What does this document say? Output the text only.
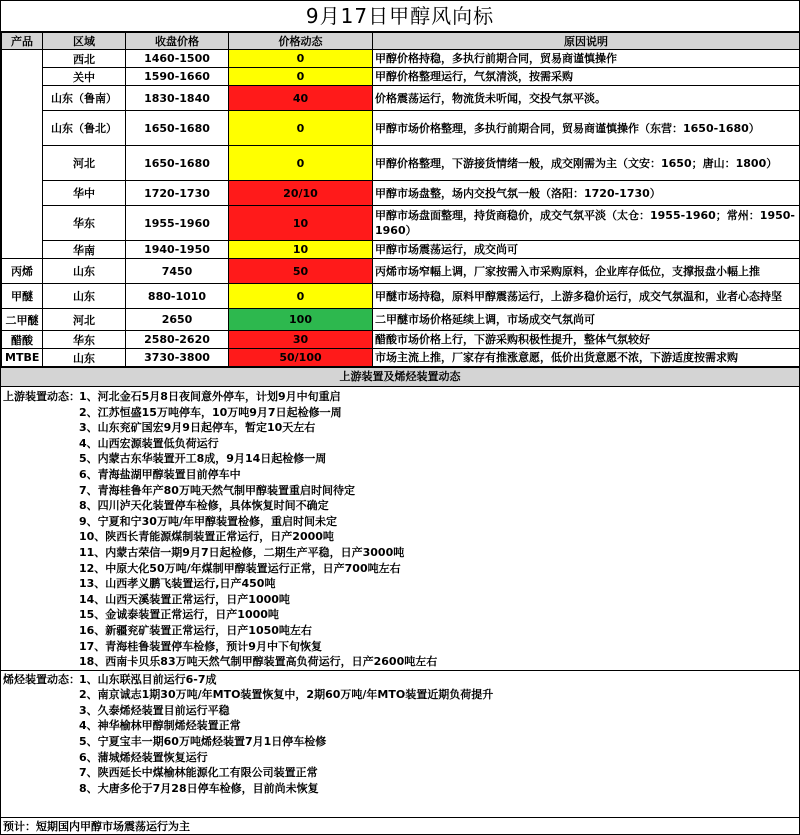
9月17日甲醇风向标
产品	区域	收盘价格	价格动态	原因说明
	西北	1460-1500	0	甲醇价格持稳，多执行前期合同，贸易商谨慎操作
	关中	1590-1660	0	甲醇价格整理运行，气氛清淡，按需采购
	山东（鲁南）	1830-1840	40	价格震荡运行，物流货未听闻，交投气氛平淡。
	山东（鲁北）	1650-1680	0	甲醇市场价格整理，多执行前期合同，贸易商谨慎操作（东营：1650-1680）
	河北	1650-1680	0	甲醇价格整理，下游接货情绪一般，成交刚需为主（文安：1650；唐山：1800）
	华中	1720-1730	20/10	甲醇市场盘整，场内交投气氛一般（洛阳：1720-1730）
	华东	1955-1960	10	甲醇市场盘面整理，持货商稳价，成交气氛平淡（太仓：1955-1960；常州：1950-1960）
	华南	1940-1950	10	甲醇市场震荡运行，成交尚可
丙烯	山东	7450	50	丙烯市场窄幅上调，厂家按需入市采购原料，企业库存低位，支撑报盘小幅上推
甲醚	山东	880-1010	0	甲醚市场持稳，原料甲醇震荡运行，上游多稳价运行，成交气氛温和，业者心态持坚
二甲醚	河北	2650	100	二甲醚市场价格延续上调，市场成交气氛尚可
醋酸	华东	2580-2620	30	醋酸市场价格上行，下游采购积极性提升，整体气氛较好
MTBE	山东	3730-3800	50/100	市场主流上推，厂家存有推涨意愿，低价出货意愿不浓，下游适度按需求购
上游装置及烯烃装置动态
上游装置动态：1、河北金石5月8日夜间意外停车，计划9月中旬重启
2、江苏恒盛15万吨停车，10万吨9月7日起检修一周
3、山东兖矿国宏9月9日起停车，暂定10天左右
4、山西宏源装置低负荷运行
5、内蒙古东华装置开工8成，9月14日起检修一周
6、青海盐湖甲醇装置目前停车中
7、青海桂鲁年产80万吨天然气制甲醇装置重启时间待定
8、四川泸天化装置停车检修，具体恢复时间不确定
9、宁夏和宁30万吨/年甲醇装置检修，重启时间未定
10、陕西长青能源煤制装置正常运行，日产2000吨
11、内蒙古荣信一期9月7日起检修，二期生产平稳，日产3000吨
12、中原大化50万吨/年煤制甲醇装置运行正常，日产700吨左右
13、山西孝义鹏飞装置运行,日产450吨
14、山西天溪装置正常运行，日产1000吨
15、金诚泰装置正常运行，日产1000吨
16、新疆兖矿装置正常运行，日产1050吨左右
17、青海桂鲁装置停车检修，预计9月中下旬恢复
18、西南卡贝乐83万吨天然气制甲醇装置高负荷运行，日产2600吨左右
烯烃装置动态：1、山东联泓目前运行6-7成
2、南京诚志1期30万吨/年MTO装置恢复中，2期60万吨/年MTO装置近期负荷提升
3、久泰烯烃装置目前运行平稳
4、神华榆林甲醇制烯烃装置正常
5、宁夏宝丰一期60万吨烯烃装置7月1日停车检修
6、蒲城烯烃装置恢复运行
7、陕西延长中煤榆林能源化工有限公司装置正常
8、大唐多伦于7月28日停车检修，目前尚未恢复
预计：短期国内甲醇市场震荡运行为主
